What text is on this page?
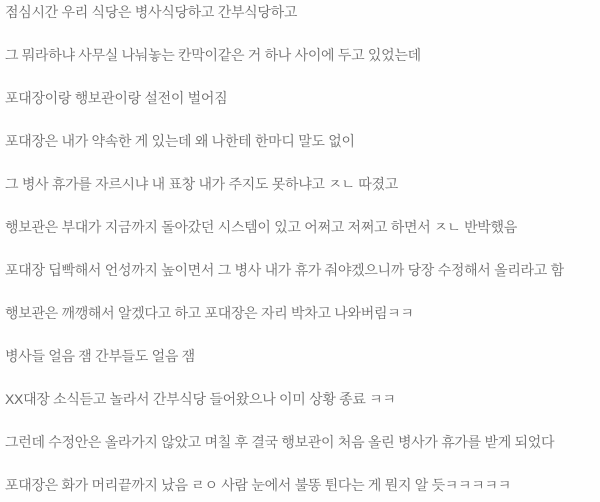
점심시간 우리 식당은 병사식당하고 간부식당하고

그 뭐라하냐 사무실 나눠놓는 칸막이같은 거 하나 사이에 두고 있었는데

포대장이랑 행보관이랑 설전이 벌어짐

포대장은 내가 약속한 게 있는데 왜 나한테 한마디 말도 없이

그 병사 휴가를 자르시냐 내 표창 내가 주지도 못하냐고 ㅈㄴ 따졌고

행보관은 부대가 지금까지 돌아갔던 시스템이 있고 어쩌고 저쩌고 하면서 ㅈㄴ 반박했음

포대장 딥빡해서 언성까지 높이면서 그 병사 내가 휴가 줘야겠으니까 당장 수정해서 올리라고 함

행보관은 깨깽해서 알겠다고 하고 포대장은 자리 박차고 나와버림ㅋㅋ

병사들 얼음 잼 간부들도 얼음 잼

XX대장 소식듣고 놀라서 간부식당 들어왔으나 이미 상황 종료 ㅋㅋ

그런데 수정안은 올라가지 않았고 며칠 후 결국 행보관이 처음 올린 병사가 휴가를 받게 되었다

포대장은 화가 머리끝까지 났음 ㄹㅇ 사람 눈에서 불똥 튄다는 게 뭔지 알 듯ㅋㅋㅋㅋㅋ
